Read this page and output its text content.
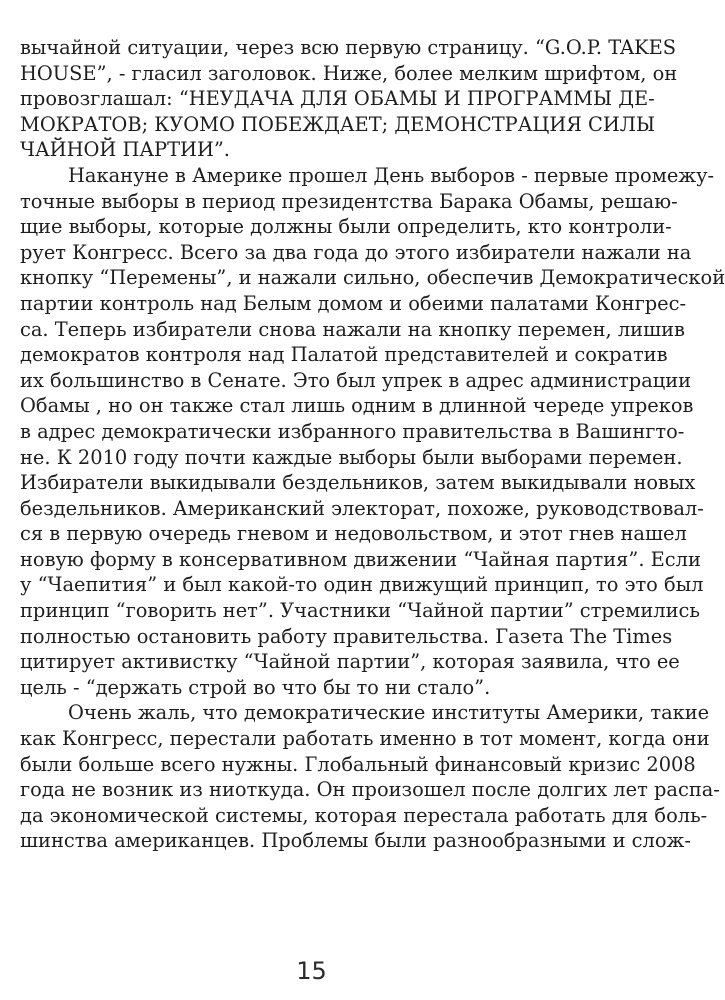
вычайной ситуации, через всю первую страницу. “G.O.P. TAKES
HOUSE”, - гласил заголовок. Ниже, более мелким шрифтом, он
провозглашал: “НЕУДАЧА ДЛЯ ОБАМЫ И ПРОГРАММЫ ДЕ-
МОКРАТОВ; КУОМО ПОБЕЖДАЕТ; ДЕМОНСТРАЦИЯ СИЛЫ
ЧАЙНОЙ ПАРТИИ”.
Накануне в Америке прошел День выборов - первые промежу-
точные выборы в период президентства Барака Обамы, решаю-
щие выборы, которые должны были определить, кто контроли-
рует Конгресс. Всего за два года до этого избиратели нажали на
кнопку “Перемены”, и нажали сильно, обеспечив Демократической
партии контроль над Белым домом и обеими палатами Конгрес-
са. Теперь избиратели снова нажали на кнопку перемен, лишив
демократов контроля над Палатой представителей и сократив
их большинство в Сенате. Это был упрек в адрес администрации
Обамы , но он также стал лишь одним в длинной череде упреков
в адрес демократически избранного правительства в Вашингто-
не. К 2010 году почти каждые выборы были выборами перемен.
Избиратели выкидывали бездельников, затем выкидывали новых
бездельников. Американский электорат, похоже, руководствовал-
ся в первую очередь гневом и недовольством, и этот гнев нашел
новую форму в консервативном движении “Чайная партия”. Если
у “Чаепития” и был какой-то один движущий принцип, то это был
принцип “говорить нет”. Участники “Чайной партии” стремились
полностью остановить работу правительства. Газета The Times
цитирует активистку “Чайной партии”, которая заявила, что ее
цель - “держать строй во что бы то ни стало”.
Очень жаль, что демократические институты Америки, такие
как Конгресс, перестали работать именно в тот момент, когда они
были больше всего нужны. Глобальный финансовый кризис 2008
года не возник из ниоткуда. Он произошел после долгих лет распа-
да экономической системы, которая перестала работать для боль-
шинства американцев. Проблемы были разнообразными и слож-
15
